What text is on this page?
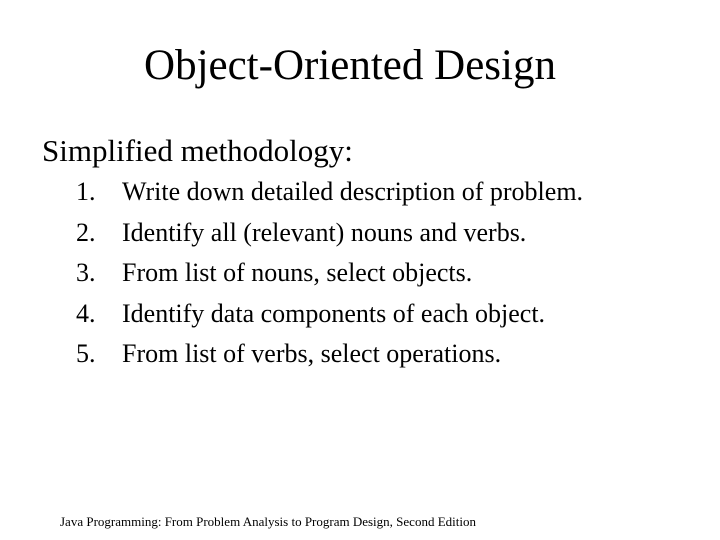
Object-Oriented Design
Simplified methodology:
1. Write down detailed description of problem.
2. Identify all (relevant) nouns and verbs.
3. From list of nouns, select objects.
4. Identify data components of each object.
5. From list of verbs, select operations.
Java Programming: From Problem Analysis to Program Design, Second Edition
